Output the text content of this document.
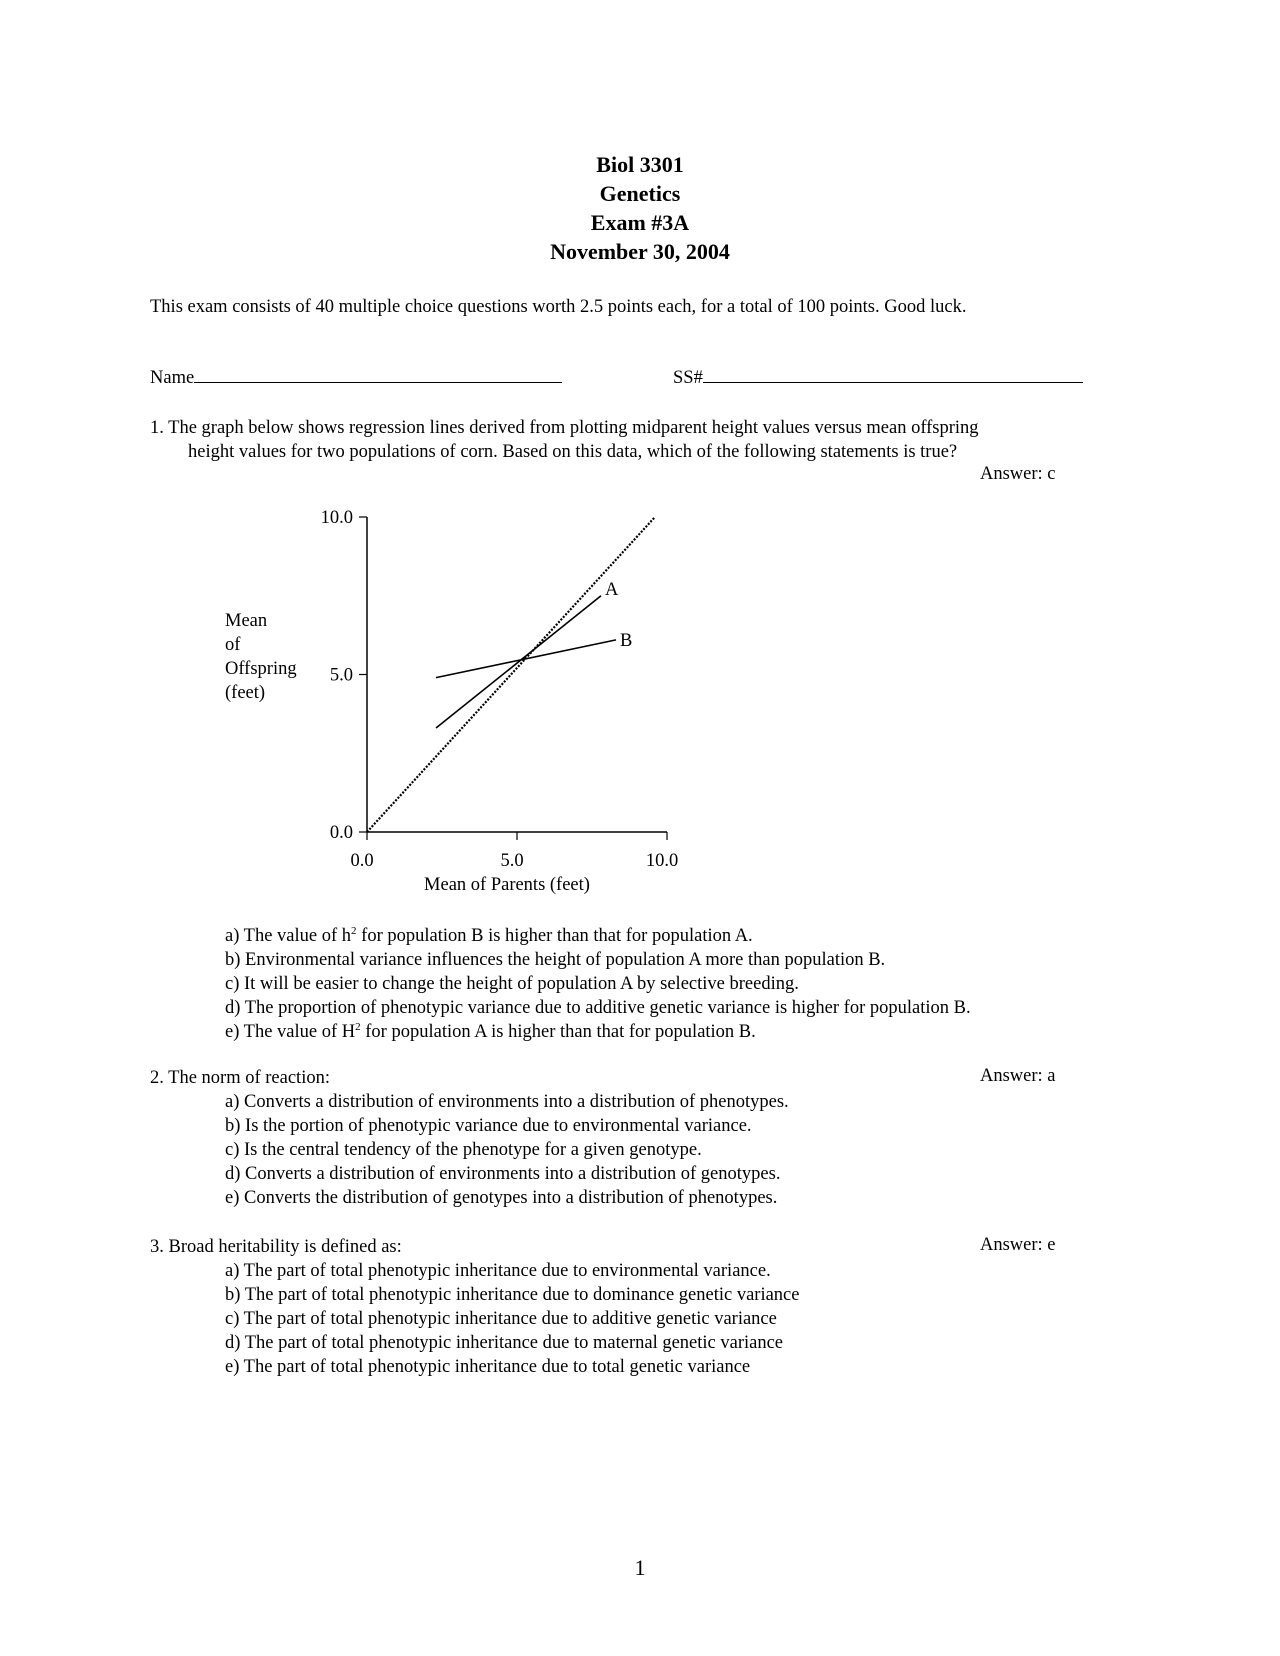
Biol 3301
Genetics
Exam #3A
November 30, 2004
This exam consists of 40 multiple choice questions worth 2.5 points each, for a total of 100 points. Good luck.
Name	SS#
1. The graph below shows regression lines derived from plotting midparent height values versus mean offspring
height values for two populations of corn. Based on this data, which of the following statements is true?
Answer: c
Mean
of
Offspring
(feet)
0.0
5.0
10.0
0.0	5.0	10.0
A
B
Mean of Parents (feet)
a) The value of $h^2$ for population B is higher than that for population A.
b) Environmental variance influences the height of population A more than population B.
c) It will be easier to change the height of population A by selective breeding.
d) The proportion of phenotypic variance due to additive genetic variance is higher for population B.
e) The value of $H^2$ for population A is higher than that for population B.
2. The norm of reaction:	Answer: a
a) Converts a distribution of environments into a distribution of phenotypes.
b) Is the portion of phenotypic variance due to environmental variance.
c) Is the central tendency of the phenotype for a given genotype.
d) Converts a distribution of environments into a distribution of genotypes.
e) Converts the distribution of genotypes into a distribution of phenotypes.
3. Broad heritability is defined as:	Answer: e
a) The part of total phenotypic inheritance due to environmental variance.
b) The part of total phenotypic inheritance due to dominance genetic variance
c) The part of total phenotypic inheritance due to additive genetic variance
d) The part of total phenotypic inheritance due to maternal genetic variance
e) The part of total phenotypic inheritance due to total genetic variance
1
